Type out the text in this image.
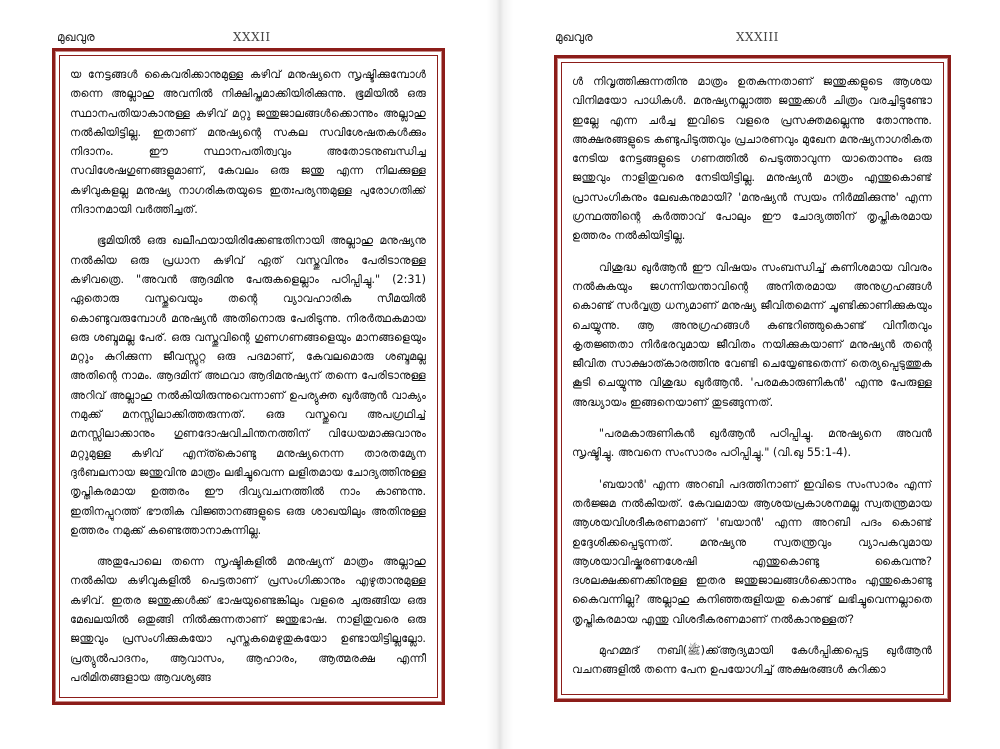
മുഖവുര	XXXII

യ നേട്ടങ്ങൾ കൈവരിക്കാനുമുള്ള കഴിവ് മനുഷ്യനെ സൃഷ്ടിക്കുമ്പോൾ തന്നെ അല്ലാഹു അവനിൽ നിക്ഷിപ്തമാക്കിയിരിക്കുന്നു. ഭൂമിയിൽ ഒരു സ്ഥാനപതിയാകാനുള്ള കഴിവ് മറ്റു ജന്തുജാലങ്ങൾക്കൊന്നും അല്ലാഹു നൽകിയിട്ടില്ല. ഇതാണ് മനുഷ്യന്റെ സകല സവിശേഷതകൾക്കും നിദാനം. ഈ സ്ഥാനപതിത്വവും അതോടനുബന്ധിച്ച സവിശേഷഗുണങ്ങളുമാണ്, കേവലം ഒരു ജന്തു എന്ന നിലക്കുള്ള കഴിവുകളല്ല മനുഷ്യ നാഗരികതയുടെ ഇതഃപര്യന്തമുള്ള പുരോഗതിക്ക് നിദാനമായി വർത്തിച്ചത്.

ഭൂമിയിൽ ഒരു ഖലീഫയായിരിക്കേണ്ടതിനായി അല്ലാഹു മനുഷ്യനു നൽകിയ ഒരു പ്രധാന കഴിവ് ഏത് വസ്തുവിനും പേരിടാനുള്ള കഴിവത്രെ. "അവൻ ആദമിനു പേരുകളെല്ലാം പഠിപ്പിച്ചു." (2:31) ഏതൊരു വസ്തുവെയും തന്റെ വ്യാവഹാരിക സീമയിൽ കൊണ്ടുവരുമ്പോൾ മനുഷ്യൻ അതിനൊരു പേരിടുന്നു. നിരർത്ഥകമായ ഒരു ശബ്ദമല്ല പേര്. ഒരു വസ്തുവിന്റെ ഗുണഗണങ്ങളെയും മാനങ്ങളെയും മറ്റും കുറിക്കുന്ന ജീവസ്സുറ്റ ഒരു പദമാണ്, കേവലമൊരു ശബ്ദമല്ല അതിന്റെ നാമം. ആദമിന് അഥവാ ആദിമനുഷ്യന് തന്നെ പേരിടാനുള്ള അറിവ് അല്ലാഹു നൽകിയിരുന്നുവെന്നാണ് ഉപര്യുക്ത ഖുർആൻ വാക്യം നമുക്ക് മനസ്സിലാക്കിത്തരുന്നത്. ഒരു വസ്തുവെ അപഗ്രഥിച്ച് മനസ്സിലാക്കാനും ഗുണദോഷവിചിന്തനത്തിന് വിധേയമാക്കുവാനും മറ്റുമുള്ള കഴിവ് എന്ത്കൊണ്ടു മനുഷ്യനെന്ന താരതമ്യേന ദുർബലനായ ജന്തുവിനു മാത്രം ലഭിച്ചുവെന്ന ലളിതമായ ചോദ്യത്തിനുള്ള തൃപ്തികരമായ ഉത്തരം ഈ ദിവ്യവചനത്തിൽ നാം കാണുന്നു. ഇതിനപ്പുറത്ത് ഭൗതിക വിജ്ഞാനങ്ങളുടെ ഒരു ശാഖയിലും അതിനുള്ള ഉത്തരം നമുക്ക് കണ്ടെത്താനാകുന്നില്ല.

അതുപോലെ തന്നെ സൃഷ്ടികളിൽ മനുഷ്യന് മാത്രം അല്ലാഹു നൽകിയ കഴിവുകളിൽ പെട്ടതാണ് പ്രസംഗിക്കാനും എഴുതാനുമുള്ള കഴിവ്. ഇതര ജന്തുക്കൾക്ക് ഭാഷയുണ്ടെങ്കിലും വളരെ ചുരുങ്ങിയ ഒരു മേഖലയിൽ ഒതുങ്ങി നിൽക്കുന്നതാണ് ജന്തുഭാഷ. നാളിതുവരെ ഒരു ജന്തുവും പ്രസംഗിക്കുകയോ പുസ്തകമെഴുതുകയോ ഉണ്ടായിട്ടില്ലല്ലോ. പ്രത്യുൽപാദനം, ആവാസം, ആഹാരം, ആത്മരക്ഷ എന്നീ പരിമിതങ്ങളായ ആവശ്യങ്ങ

മുഖവുര	XXXIII

ൾ നിവൃത്തിക്കുന്നതിനു മാത്രം ഉതകുന്നതാണ് ജന്തുക്കളുടെ ആശയ വിനിമയോ പാധികൾ. മനുഷ്യനല്ലാത്ത ജന്തുക്കൾ ചിത്രം വരച്ചിട്ടുണ്ടോ ഇല്ലേ എന്ന ചർച്ച ഇവിടെ വളരെ പ്രസക്തമല്ലെന്നു തോന്നുന്നു. അക്ഷരങ്ങളുടെ കണ്ടുപിടുത്തവും പ്രചാരണവും മുഖേന മനുഷ്യനാഗരികത നേടിയ നേട്ടങ്ങളുടെ ഗണത്തിൽ പെടുത്താവുന്ന യാതൊന്നും ഒരു ജന്തുവും നാളിതുവരെ നേടിയിട്ടില്ല. മനുഷ്യൻ മാത്രം എന്തുകൊണ്ട് പ്രാസംഗികനും ലേഖകനുമായി? 'മനുഷ്യൻ സ്വയം നിർമ്മിക്കുന്നു' എന്ന ഗ്രന്ഥത്തിന്റെ കർത്താവ് പോലും ഈ ചോദ്യത്തിന് തൃപ്തികരമായ ഉത്തരം നൽകിയിട്ടില്ല.

വിശുദ്ധ ഖുർആൻ ഈ വിഷയം സംബന്ധിച്ച് കണിശമായ വിവരം നൽകുകയും ജഗന്നിയന്താവിന്റെ അനിതരമായ അനുഗ്രഹങ്ങൾ കൊണ്ട് സർവ്വത്ര ധന്യമാണ് മനുഷ്യ ജീവിതമെന്ന് ചൂണ്ടിക്കാണിക്കുകയും ചെയ്യുന്നു. ആ അനുഗ്രഹങ്ങൾ കണ്ടറിഞ്ഞുകൊണ്ട് വിനീതവും കൃതജ്ഞതാ നിർഭരവുമായ ജീവിതം നയിക്കുകയാണ് മനുഷ്യൻ തന്റെ ജീവിത സാക്ഷാത്കാരത്തിനു വേണ്ടി ചെയ്യേണ്ടതെന്ന് തെര്യപ്പെടുത്തുക കൂടി ചെയ്യുന്നു വിശുദ്ധ ഖുർആൻ. 'പരമകാരുണികൻ' എന്നു പേരുള്ള അദ്ധ്യായം ഇങ്ങനെയാണ് തുടങ്ങുന്നത്.

"പരമകാരുണികൻ ഖുർആൻ പഠിപ്പിച്ചു. മനുഷ്യനെ അവൻ സൃഷ്ടിച്ചു. അവനെ സംസാരം പഠിപ്പിച്ചു." (വി.ഖു 55:1-4).

'ബയാൻ' എന്ന അറബി പദത്തിനാണ് ഇവിടെ സംസാരം എന്ന് തർജ്ജമ നൽകിയത്. കേവലമായ ആശയപ്രകാശനമല്ല സ്വതന്ത്രമായ ആശയവിശദീകരണമാണ് 'ബയാൻ' എന്ന അറബി പദം കൊണ്ട് ഉദ്ദേശിക്കപ്പെടുന്നത്. മനുഷ്യനു സ്വതന്ത്രവും വ്യാപകവുമായ ആശയാവിഷ്കരണശേഷി എന്തുകൊണ്ടു കൈവന്നു? ദശലക്ഷക്കണക്കിനുള്ള ഇതര ജന്തുജാലങ്ങൾക്കൊന്നും എന്തുകൊണ്ടു കൈവന്നില്ല? അല്ലാഹു കനിഞ്ഞരുളിയതു കൊണ്ട് ലഭിച്ചുവെന്നല്ലാതെ തൃപ്തികരമായ എന്തു വിശദീകരണമാണ് നൽകാനുള്ളത്?

മുഹമ്മദ് നബി(ﷺ)ക്ക്ആദ്യമായി കേൾപ്പിക്കപ്പെട്ട ഖുർആൻ വചനങ്ങളിൽ തന്നെ പേന ഉപയോഗിച്ച് അക്ഷരങ്ങൾ കുറിക്കാ
